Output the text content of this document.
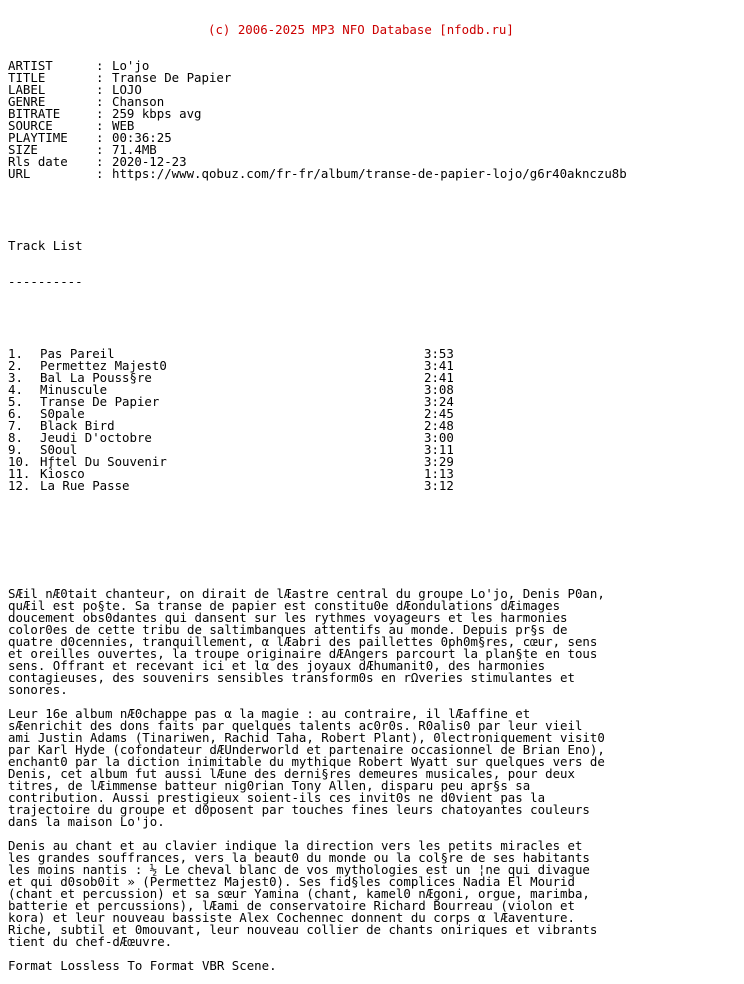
(c) 2006-2025 MP3 NFO Database [nfodb.ru]

ARTIST	: Lo'jo
TITLE	: Transe De Papier
LABEL	: LOJO
GENRE	: Chanson
BITRATE	: 259 kbps avg
SOURCE	: WEB
PLAYTIME : 00:36:25
SIZE	: 71.4MB
Rls date : 2020-12-23
URL	: https://www.qobuz.com/fr-fr/album/transe-de-papier-lojo/g6r40aknczu8b

Track List

----------

1. Pas Pareil	3:53
2. Permettez Majest0	3:41
3. Bal La Pouss§re	2:41
4. Minuscule	3:08
5. Transe De Papier	3:24
6. S0pale	2:45
7. Black Bird	2:48
8. Jeudi D'octobre	3:00
9. S0oul	3:11
10. Hƒtel Du Souvenir	3:29
11. Kiosco	1:13
12. La Rue Passe	3:12

SÆil nÆ0tait chanteur, on dirait de lÆastre central du groupe Lo'jo, Denis P0an,
quÆil est po§te. Sa transe de papier est constitu0e dÆondulations dÆimages
doucement obs0dantes qui dansent sur les rythmes voyageurs et les harmonies
color0es de cette tribu de saltimbanques attentifs au monde. Depuis pr§s de
quatre d0cennies, tranquillement, α lÆabri des paillettes 0ph0m§res, cœur, sens
et oreilles ouvertes, la troupe originaire dÆAngers parcourt la plan§te en tous
sens. Offrant et recevant ici et lα des joyaux dÆhumanit0, des harmonies
contagieuses, des souvenirs sensibles transform0s en rΩveries stimulantes et
sonores.
Leur 16e album nÆ0chappe pas α la magie : au contraire, il lÆaffine et
sÆenrichit des dons faits par quelques talents ac0r0s. R0alis0 par leur vieil
ami Justin Adams (Tinariwen, Rachid Taha, Robert Plant), 0lectroniquement visit0
par Karl Hyde (cofondateur dÆUnderworld et partenaire occasionnel de Brian Eno),
enchant0 par la diction inimitable du mythique Robert Wyatt sur quelques vers de
Denis, cet album fut aussi lÆune des derni§res demeures musicales, pour deux
titres, de lÆimmense batteur nig0rian Tony Allen, disparu peu apr§s sa
contribution. Aussi prestigieux soient-ils ces invit0s ne d0vient pas la
trajectoire du groupe et d0posent par touches fines leurs chatoyantes couleurs
dans la maison Lo'jo.
Denis au chant et au clavier indique la direction vers les petits miracles et
les grandes souffrances, vers la beaut0 du monde ou la col§re de ses habitants
les moins nantis : ½ Le cheval blanc de vos mythologies est un ¦ne qui divague
et qui d0sob0it » (Permettez Majest0). Ses fid§les complices Nadia El Mourid
(chant et percussion) et sa sœur Yamina (chant, kamel0 nÆgoni, orgue, marimba,
batterie et percussions), lÆami de conservatoire Richard Bourreau (violon et
kora) et leur nouveau bassiste Alex Cochennec donnent du corps α lÆaventure.
Riche, subtil et 0mouvant, leur nouveau collier de chants oniriques et vibrants
tient du chef-dÆœuvre.
Format Lossless To Format VBR Scene.
